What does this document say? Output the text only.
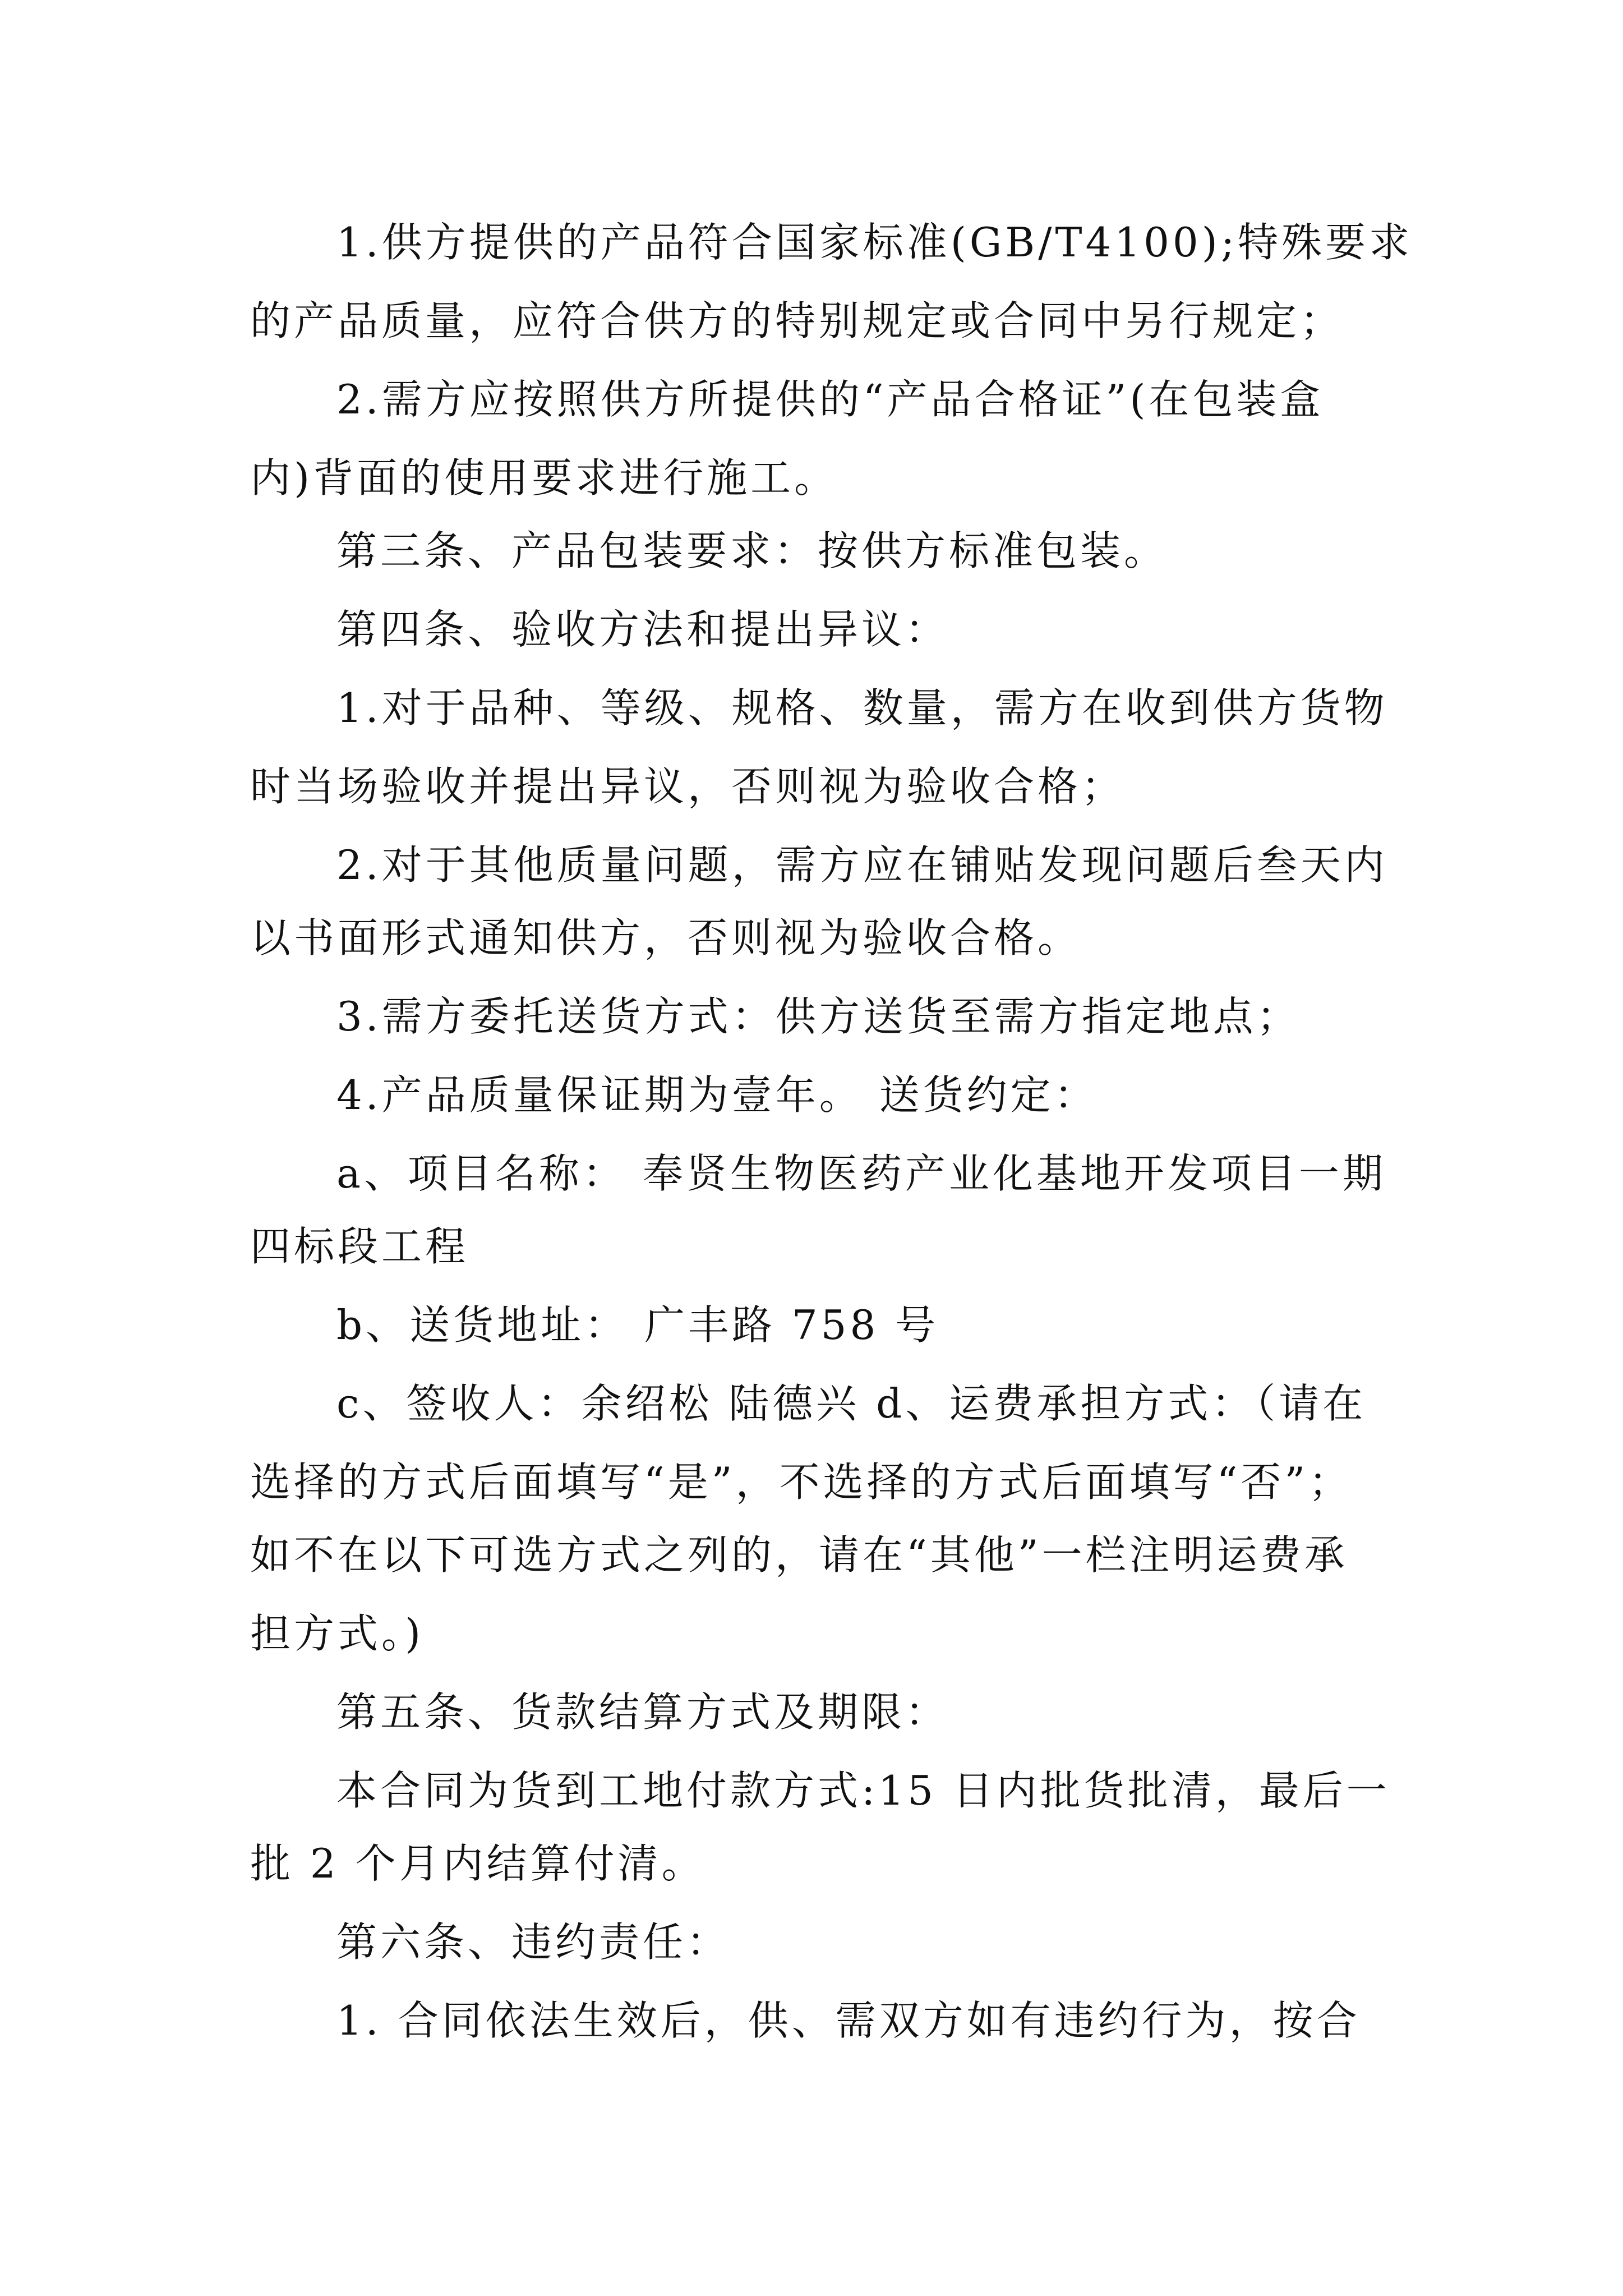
1.供方提供的产品符合国家标准(GB/T4100);特殊要求
的产品质量，应符合供方的特别规定或合同中另行规定；
2.需方应按照供方所提供的“产品合格证”(在包装盒
内)背面的使用要求进行施工。
第三条、产品包装要求：按供方标准包装。
第四条、验收方法和提出异议：
1.对于品种、等级、规格、数量，需方在收到供方货物
时当场验收并提出异议，否则视为验收合格；
2.对于其他质量问题，需方应在铺贴发现问题后叁天内
以书面形式通知供方，否则视为验收合格。
3.需方委托送货方式：供方送货至需方指定地点；
4.产品质量保证期为壹年。 送货约定：
a、项目名称： 奉贤生物医药产业化基地开发项目一期
四标段工程
b、送货地址： 广丰路 758 号
c、签收人：余绍松 陆德兴 d、运费承担方式：（请在
选择的方式后面填写“是”，不选择的方式后面填写“否”；
如不在以下可选方式之列的，请在“其他”一栏注明运费承
担方式。)
第五条、货款结算方式及期限：
本合同为货到工地付款方式:15 日内批货批清，最后一
批 2 个月内结算付清。
第六条、违约责任：
1. 合同依法生效后，供、需双方如有违约行为，按合
